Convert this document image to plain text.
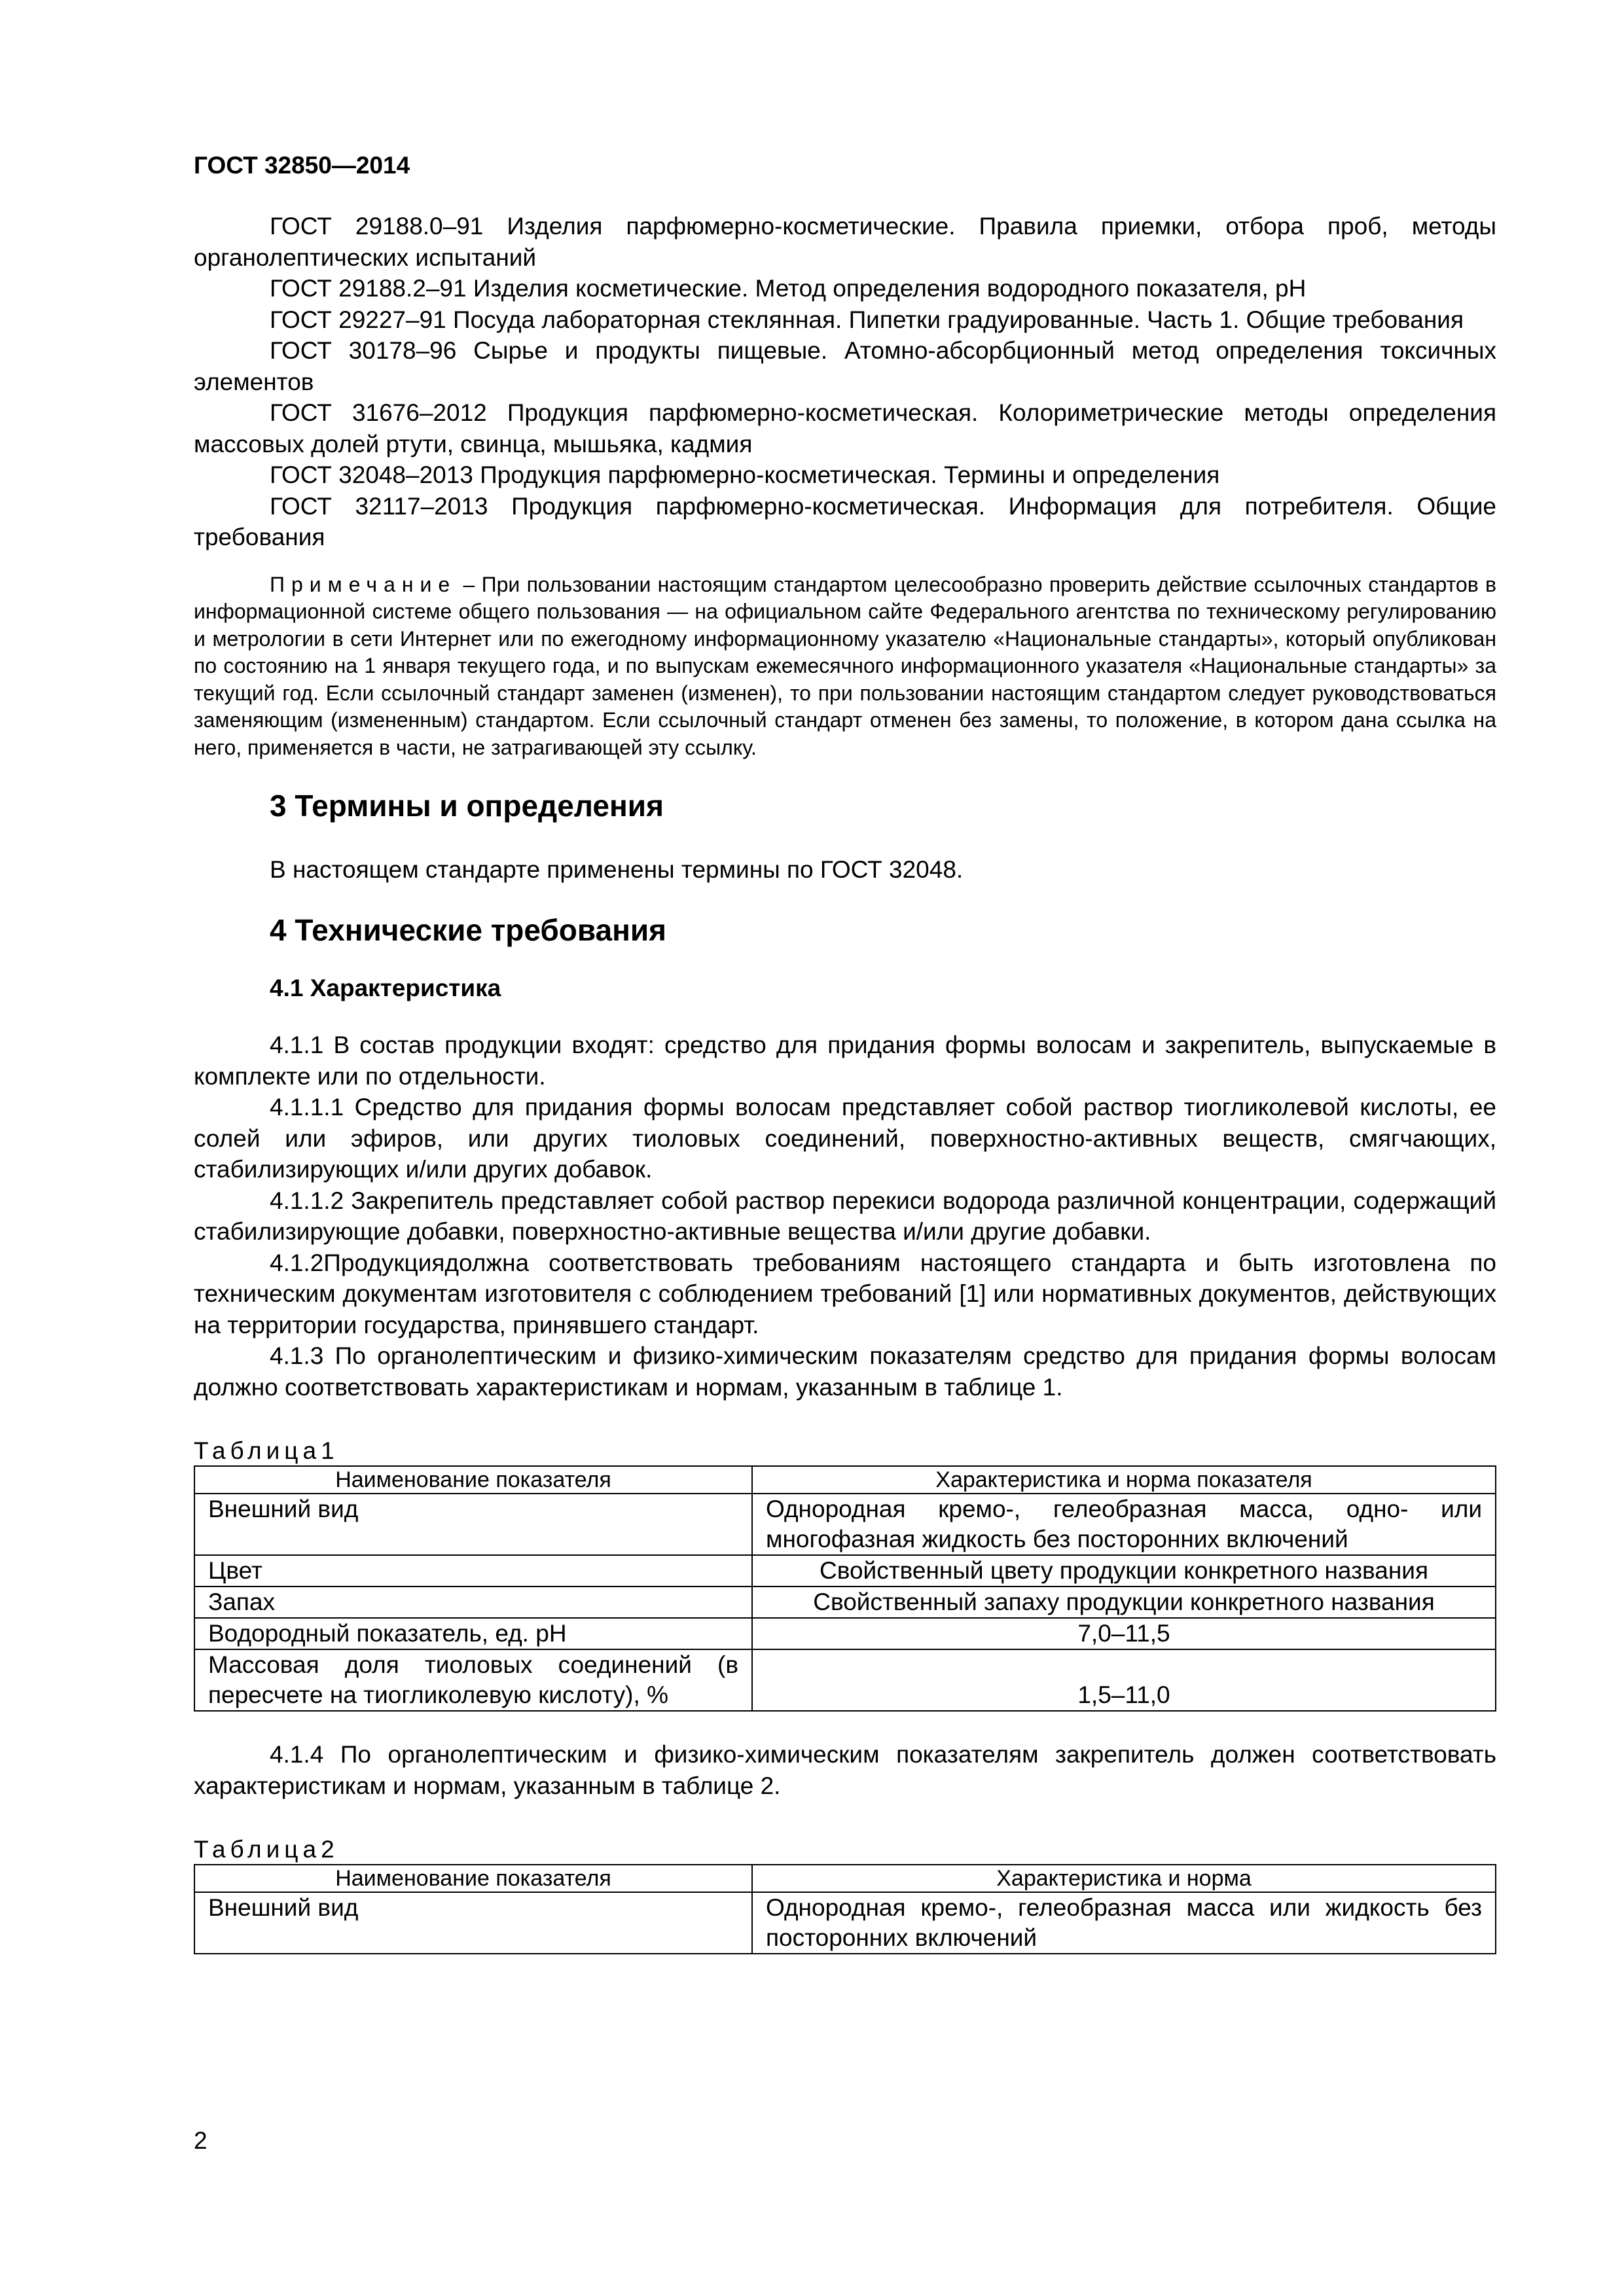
ГОСТ 32850—2014

ГОСТ 29188.0–91 Изделия парфюмерно-косметические. Правила приемки, отбора проб, методы органолептических испытаний

ГОСТ 29188.2–91 Изделия косметические. Метод определения водородного показателя, pH

ГОСТ 29227–91 Посуда лабораторная стеклянная. Пипетки градуированные. Часть 1. Общие требования

ГОСТ 30178–96 Сырье и продукты пищевые. Атомно-абсорбционный метод определения токсичных элементов

ГОСТ 31676–2012 Продукция парфюмерно-косметическая. Колориметрические методы определения массовых долей ртути, свинца, мышьяка, кадмия

ГОСТ 32048–2013 Продукция парфюмерно-косметическая. Термины и определения

ГОСТ 32117–2013 Продукция парфюмерно-косметическая. Информация для потребителя. Общие требования

Примечание – При пользовании настоящим стандартом целесообразно проверить действие ссылочных стандартов в информационной системе общего пользования — на официальном сайте Федерального агентства по техническому регулированию и метрологии в сети Интернет или по ежегодному информационному указателю «Национальные стандарты», который опубликован по состоянию на 1 января текущего года, и по выпускам ежемесячного информационного указателя «Национальные стандарты» за текущий год. Если ссылочный стандарт заменен (изменен), то при пользовании настоящим стандартом следует руководствоваться заменяющим (измененным) стандартом. Если ссылочный стандарт отменен без замены, то положение, в котором дана ссылка на него, применяется в части, не затрагивающей эту ссылку.
3 Термины и определения
В настоящем стандарте применены термины по ГОСТ 32048.
4 Технические требования
4.1 Характеристика

4.1.1 В состав продукции входят: средство для придания формы волосам и закрепитель, выпускаемые в комплекте или по отдельности.

4.1.1.1 Средство для придания формы волосам представляет собой раствор тиогликолевой кислоты, ее солей или эфиров, или других тиоловых соединений, поверхностно-активных веществ, смягчающих, стабилизирующих и/или других добавок.

4.1.1.2 Закрепитель представляет собой раствор перекиси водорода различной концентрации, содержащий стабилизирующие добавки, поверхностно-активные вещества и/или другие добавки.

4.1.2Продукциядолжна соответствовать требованиям настоящего стандарта и быть изготовлена по техническим документам изготовителя с соблюдением требований [1] или нормативных документов, действующих на территории государства, принявшего стандарт.

4.1.3 По органолептическим и физико-химическим показателям средство для придания формы волосам должно соответствовать характеристикам и нормам, указанным в таблице 1.

Таблица1
Наименование показателя	Характеристика и норма показателя
Внешний вид	Однородная кремо-, гелеобразная масса, одно- или многофазная жидкость без посторонних включений
Цвет	Свойственный цвету продукции конкретного названия
Запах	Свойственный запаху продукции конкретного названия
Водородный показатель, ед. pH	7,0–11,5
Массовая доля тиоловых соединений (в пересчете на тиогликолевую кислоту), %	1,5–11,0

4.1.4 По органолептическим и физико-химическим показателям закрепитель должен соответствовать характеристикам и нормам, указанным в таблице 2.

Таблица2
Наименование показателя	Характеристика и норма
Внешний вид	Однородная кремо-, гелеобразная масса или жидкость без посторонних включений
2
